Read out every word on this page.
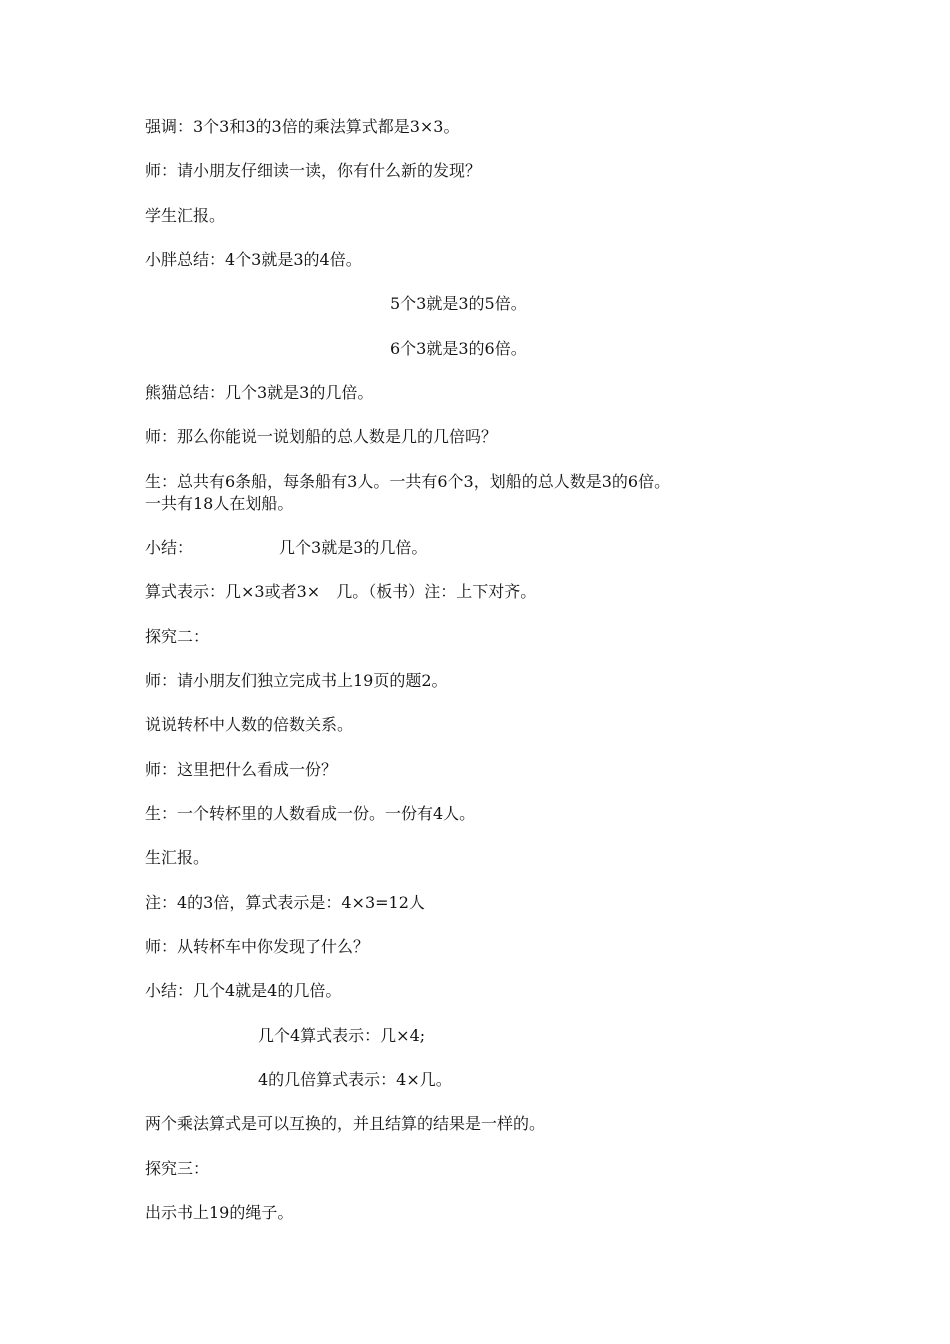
强调：3个3和3的3倍的乘法算式都是3×3。
师：请小朋友仔细读一读，你有什么新的发现？
学生汇报。
小胖总结：4个3就是3的4倍。
5个3就是3的5倍。
6个3就是3的6倍。
熊猫总结：几个3就是3的几倍。
师：那么你能说一说划船的总人数是几的几倍吗？
生：总共有6条船，每条船有3人。一共有6个3，划船的总人数是3的6倍。
一共有18人在划船。
小结：	几个3就是3的几倍。
算式表示：几×3或者3× 几。（板书）注：上下对齐。
探究二：
师：请小朋友们独立完成书上19页的题2。
说说转杯中人数的倍数关系。
师：这里把什么看成一份？
生：一个转杯里的人数看成一份。一份有4人。
生汇报。
注：4的3倍，算式表示是：4×3=12人
师：从转杯车中你发现了什么？
小结：几个4就是4的几倍。
几个4算式表示：几×4;
4的几倍算式表示：4×几。
两个乘法算式是可以互换的，并且结算的结果是一样的。
探究三：
出示书上19的绳子。
